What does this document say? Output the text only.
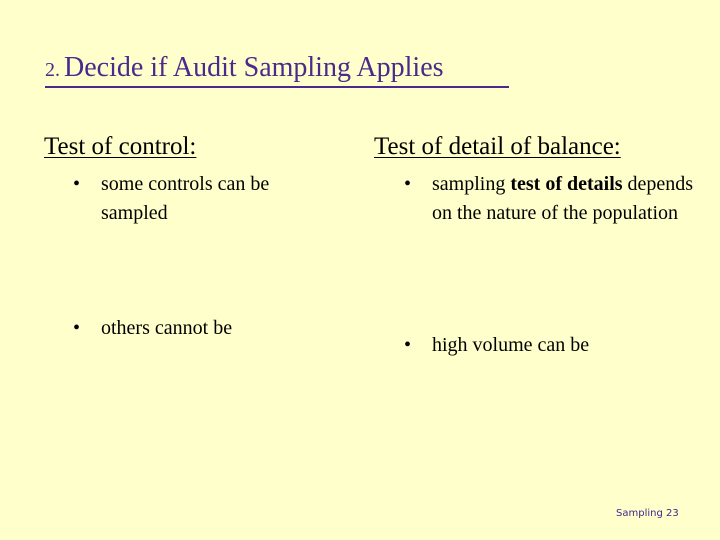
2. Decide if Audit Sampling Applies
Test of control:	Test of detail of balance:
• some controls can be sampled
• others cannot be
• sampling test of details depends on the nature of the population
• high volume can be
Sampling 23
